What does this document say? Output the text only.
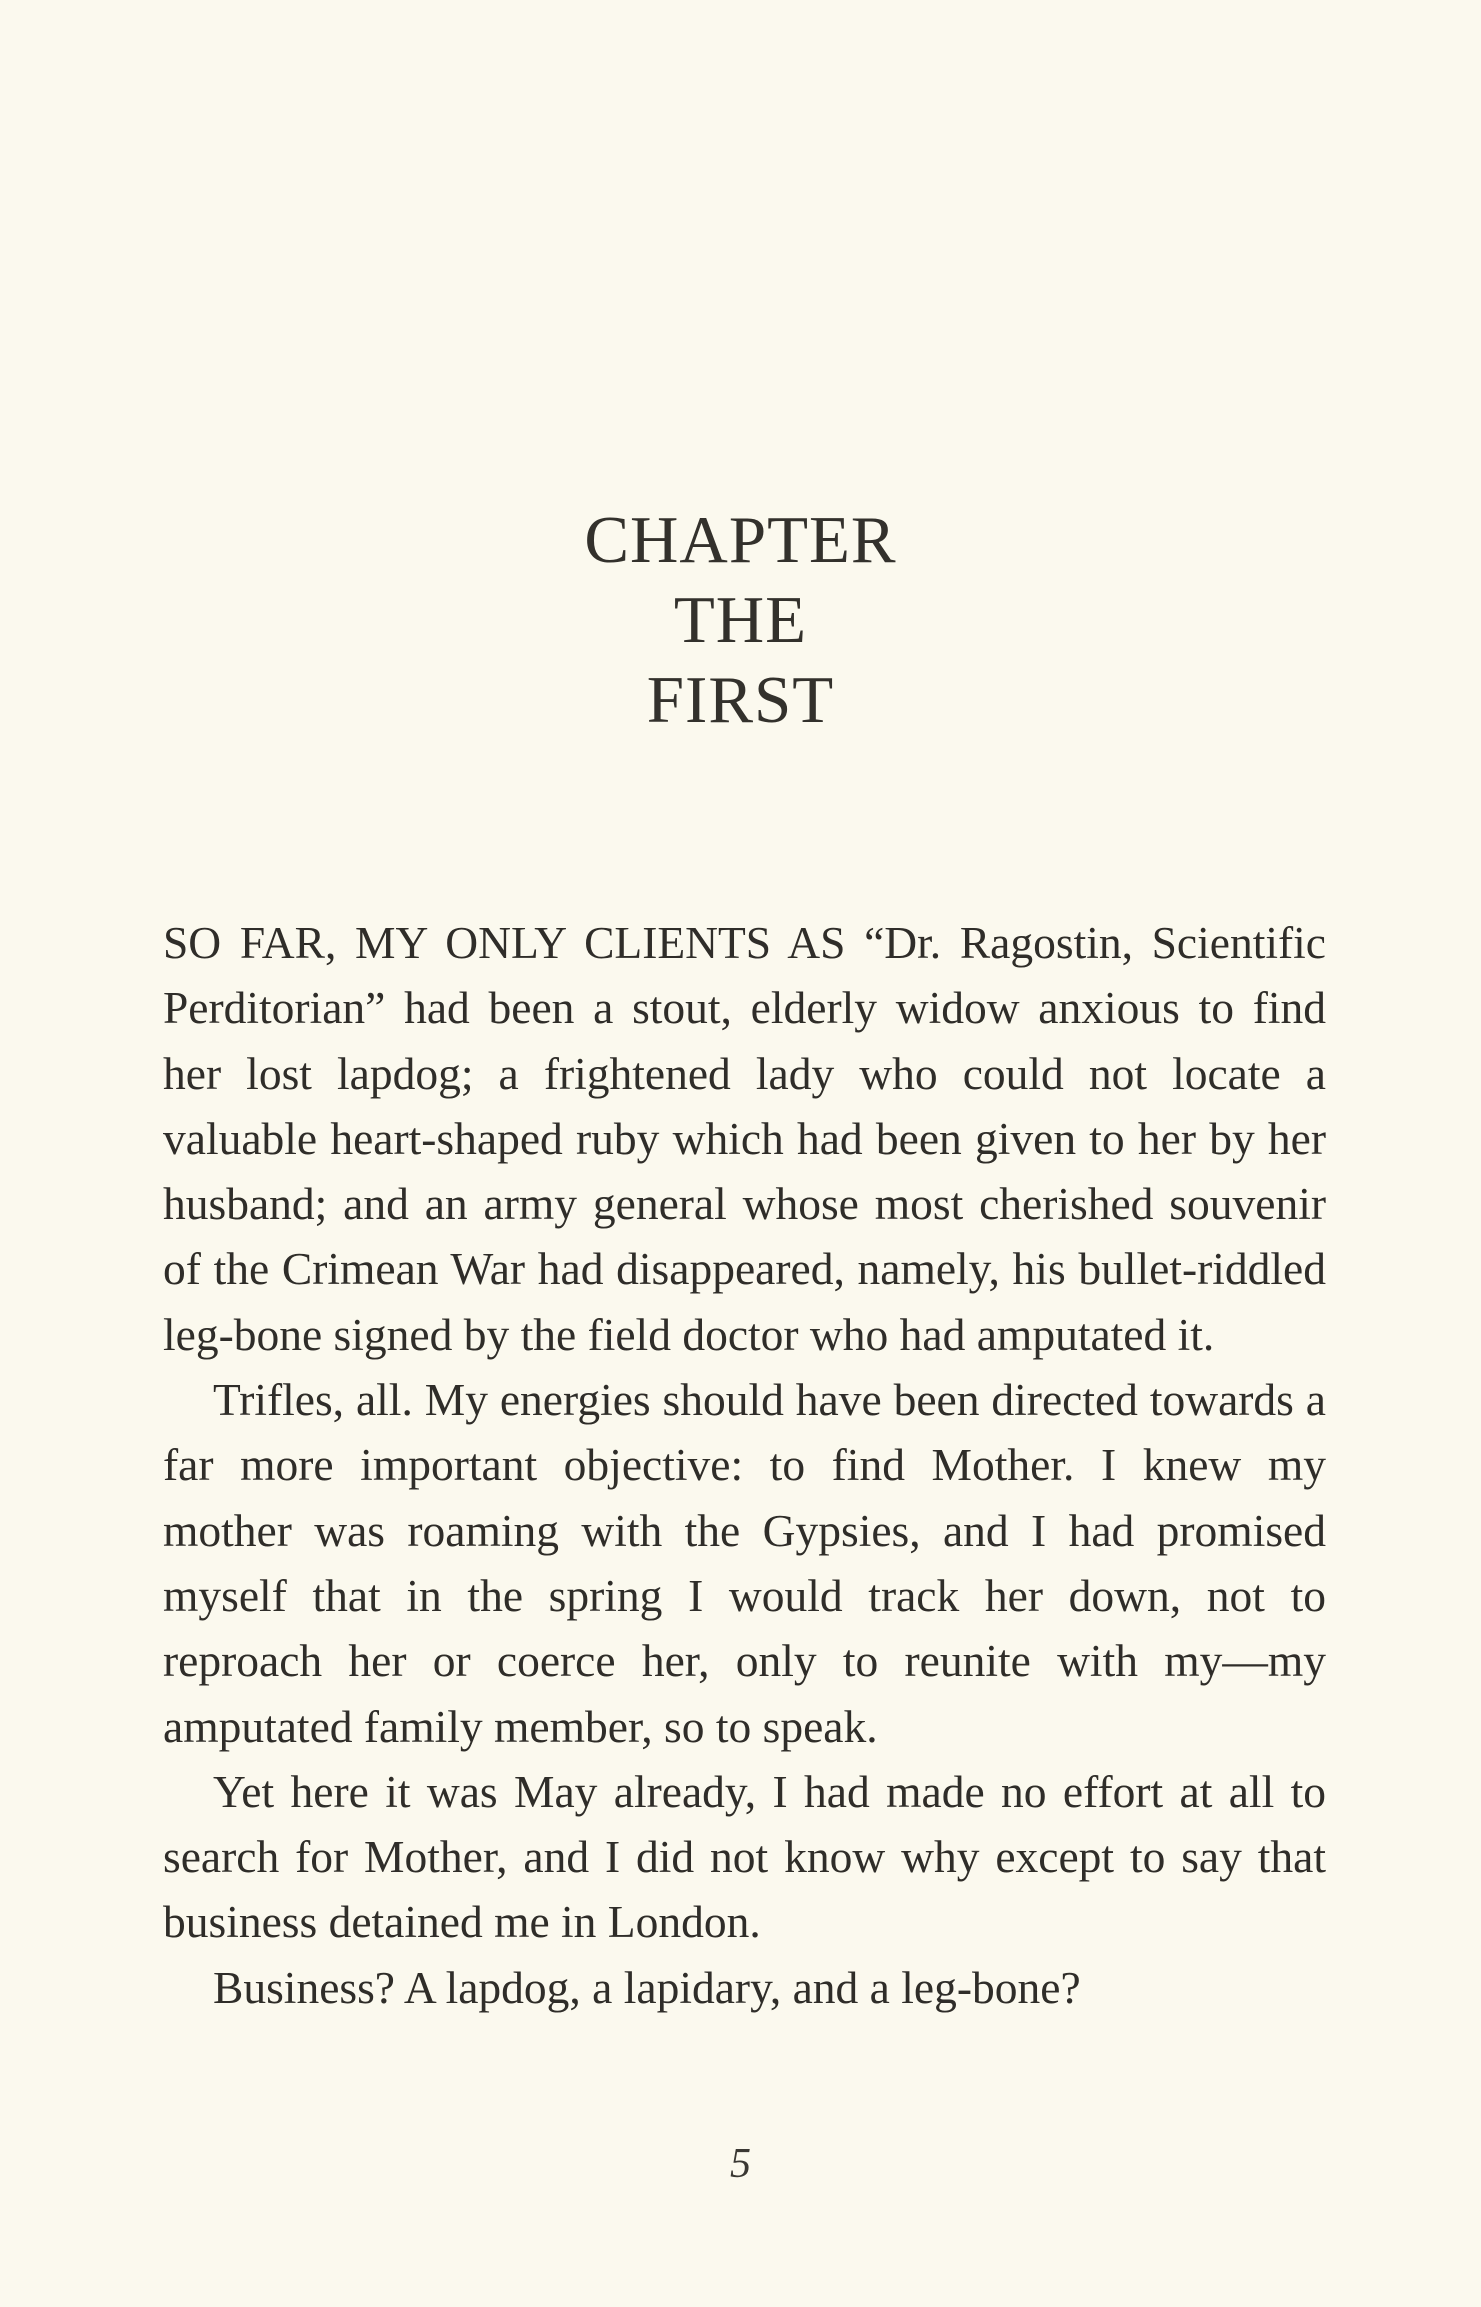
CHAPTER
THE
FIRST

SO FAR, MY ONLY CLIENTS AS “Dr. Ragostin, Scientific Perditorian” had been a stout, elderly widow anxious to find her lost lapdog; a frightened lady who could not locate a valuable heart-shaped ruby which had been given to her by her husband; and an army general whose most cherished souvenir of the Crimean War had disappeared, namely, his bullet-riddled leg-bone signed by the field doctor who had amputated it.

Trifles, all. My energies should have been directed towards a far more important objective: to find Mother. I knew my mother was roaming with the Gypsies, and I had promised myself that in the spring I would track her down, not to reproach her or coerce her, only to reunite with my—my amputated family member, so to speak.

Yet here it was May already, I had made no effort at all to search for Mother, and I did not know why except to say that business detained me in London.

Business? A lapdog, a lapidary, and a leg-bone?

5
